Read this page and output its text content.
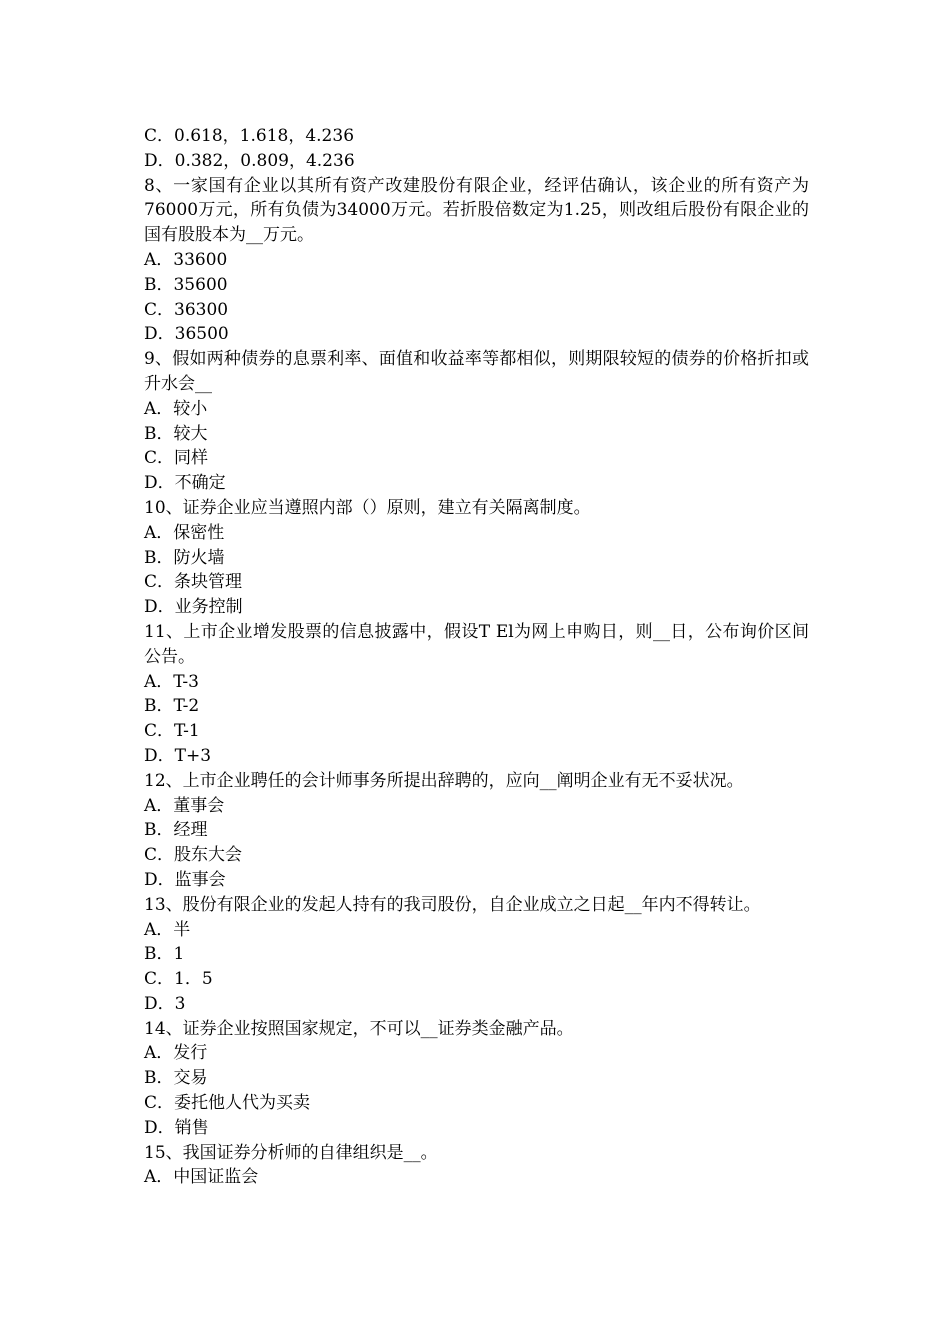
C．0.618，1.618，4.236

D．0.382，0.809，4.236

8、一家国有企业以其所有资产改建股份有限企业，经评估确认，该企业的所有资产为76000万元，所有负债为34000万元。若折股倍数定为1.25，则改组后股份有限企业的国有股股本为__万元。

A．33600

B．35600

C．36300

D．36500

9、假如两种债券的息票利率、面值和收益率等都相似，则期限较短的债券的价格折扣或升水会__

A．较小

B．较大

C．同样

D．不确定

10、证券企业应当遵照内部（）原则，建立有关隔离制度。

A．保密性

B．防火墙

C．条块管理

D．业务控制

11、上市企业增发股票的信息披露中，假设T El为网上申购日，则__日，公布询价区间公告。

A．T-3

B．T-2

C．T-1

D．T+3

12、上市企业聘任的会计师事务所提出辞聘的，应向__阐明企业有无不妥状况。

A．董事会

B．经理

C．股东大会

D．监事会

13、股份有限企业的发起人持有的我司股份，自企业成立之日起__年内不得转让。

A．半

B．1

C．1．5

D．3

14、证券企业按照国家规定，不可以__证券类金融产品。

A．发行

B．交易

C．委托他人代为买卖

D．销售

15、我国证券分析师的自律组织是__。

A．中国证监会
